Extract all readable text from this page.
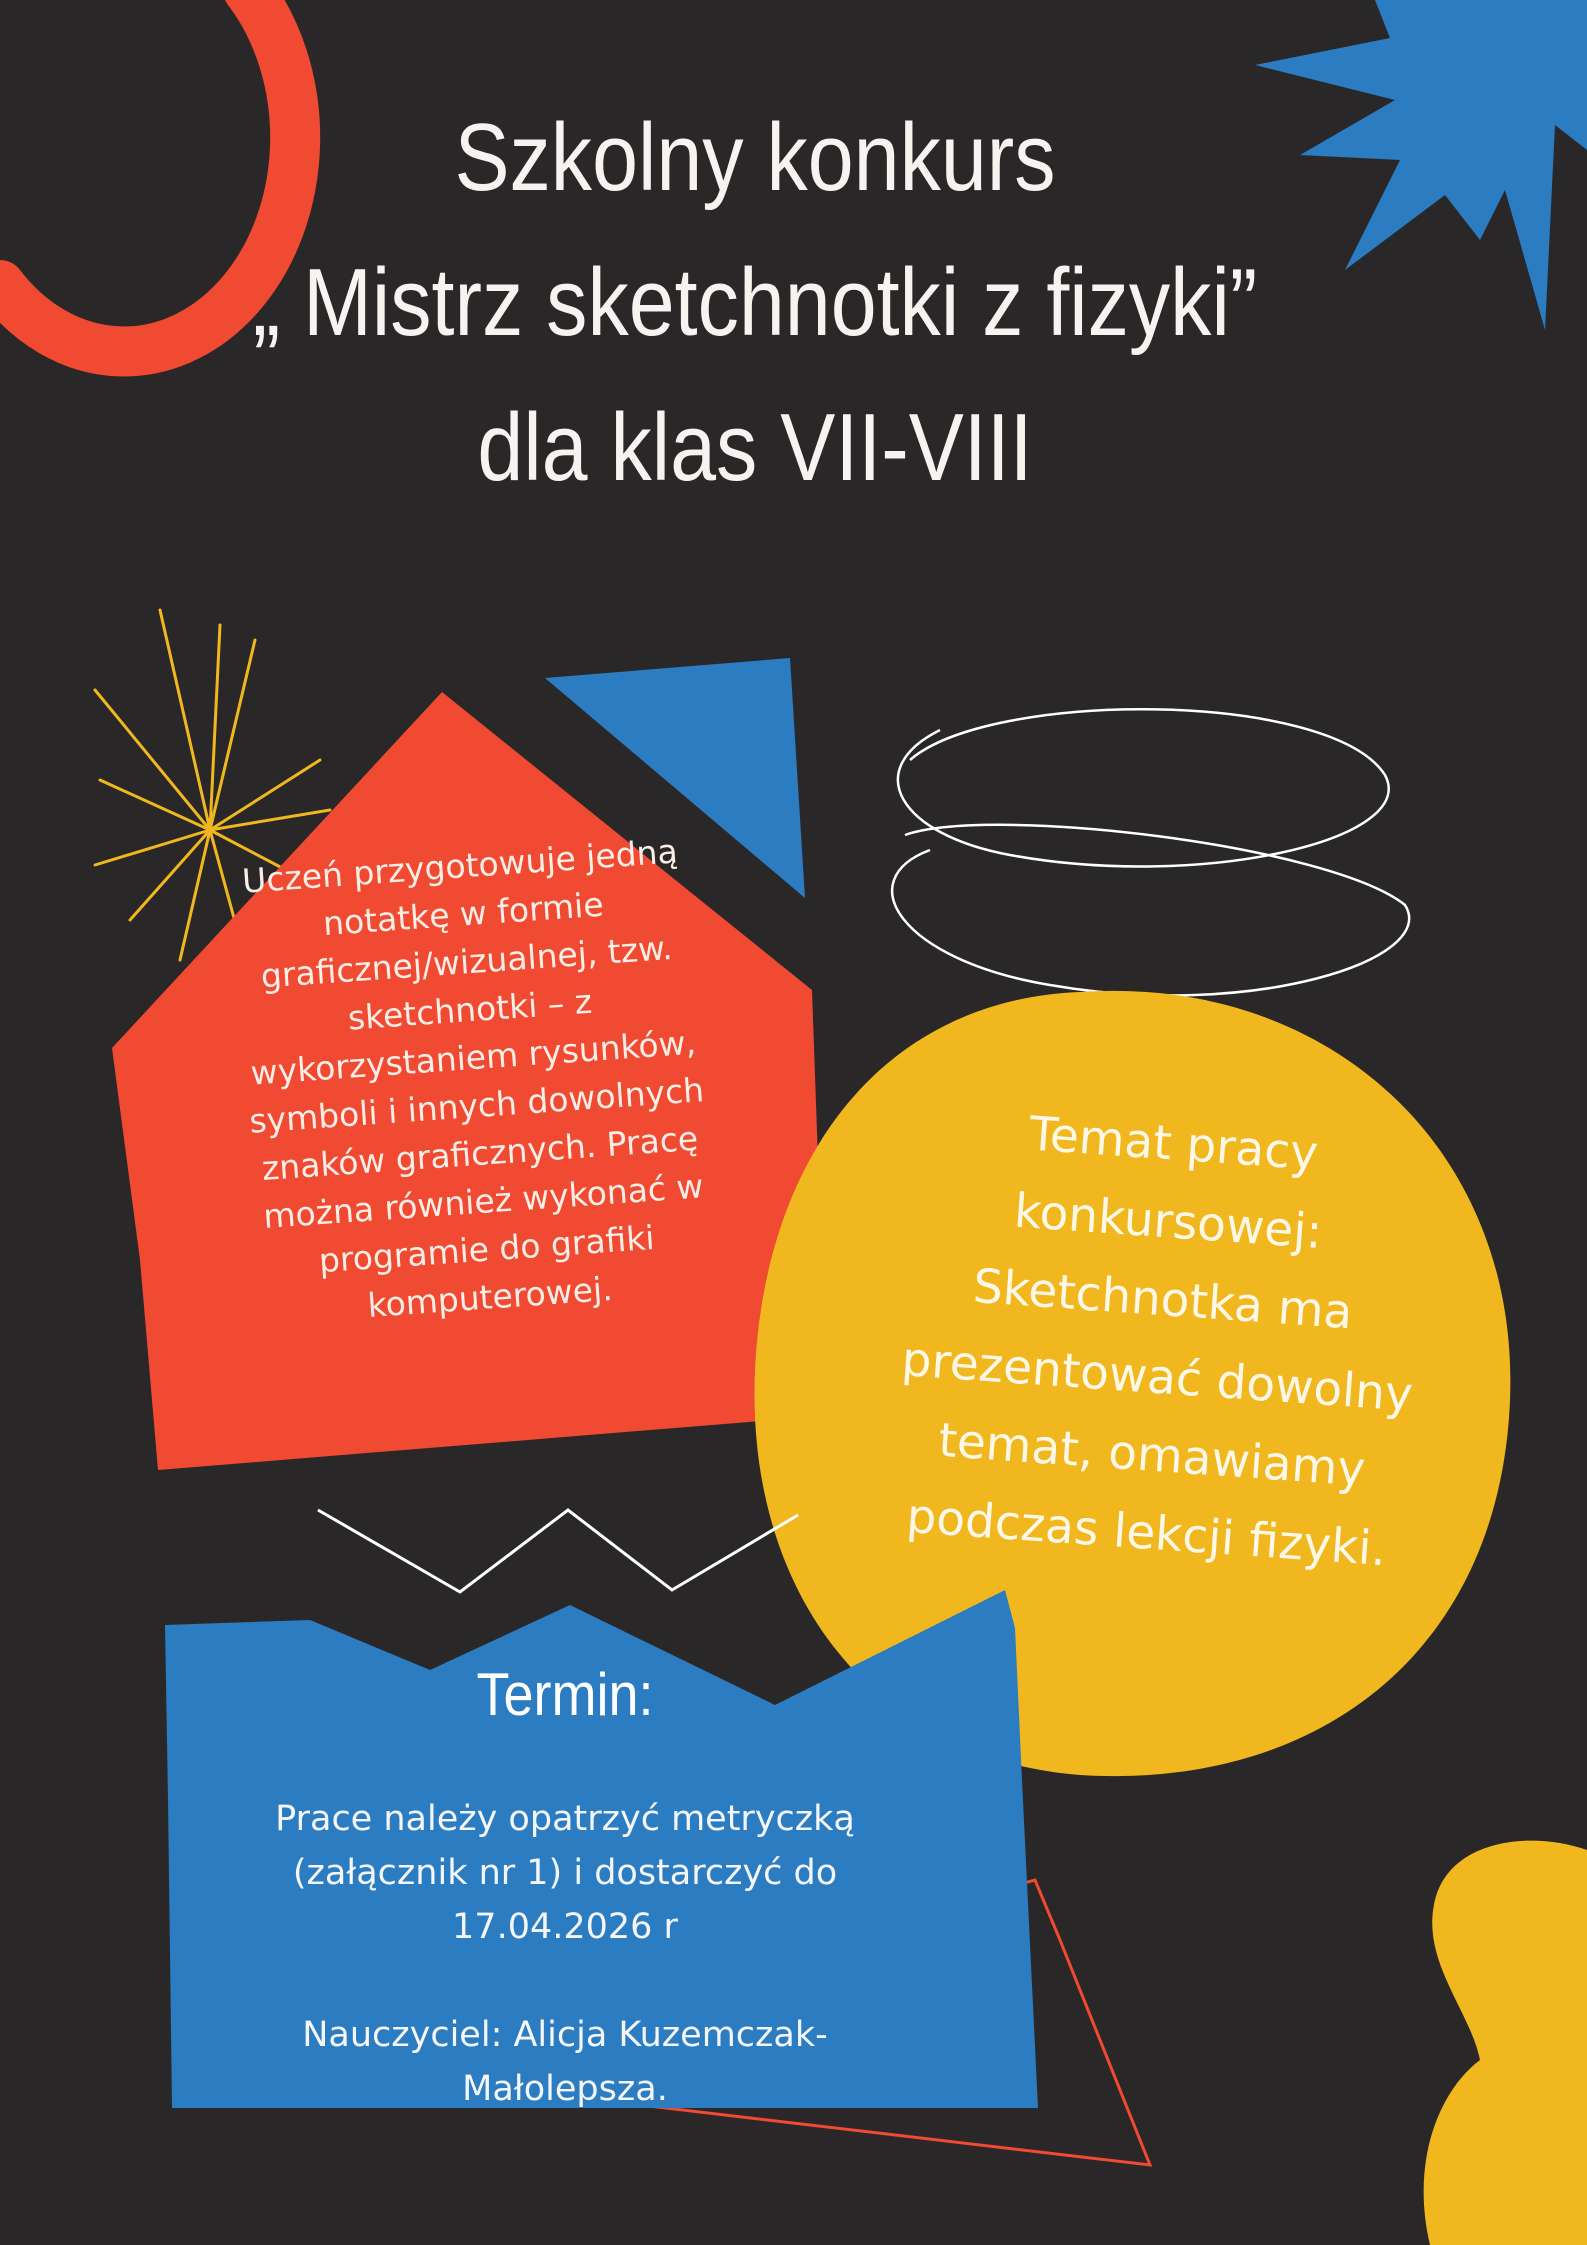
Szkolny konkurs
„ Mistrz sketchnotki z fizyki”
dla klas VII-VIII
Uczeń przygotowuje jedną notatkę w formie graficznej/wizualnej, tzw. sketchnotki – z wykorzystaniem rysunków, symboli i innych dowolnych znaków graficznych. Pracę można również wykonać w programie do grafiki komputerowej.
Temat pracy konkursowej: Sketchnotka ma prezentować dowolny temat, omawiamy podczas lekcji fizyki.
Termin:
Prace należy opatrzyć metryczką (załącznik nr 1) i dostarczyć do 17.04.2026 r
Nauczyciel: Alicja Kuzemczak-Małolepsza.
